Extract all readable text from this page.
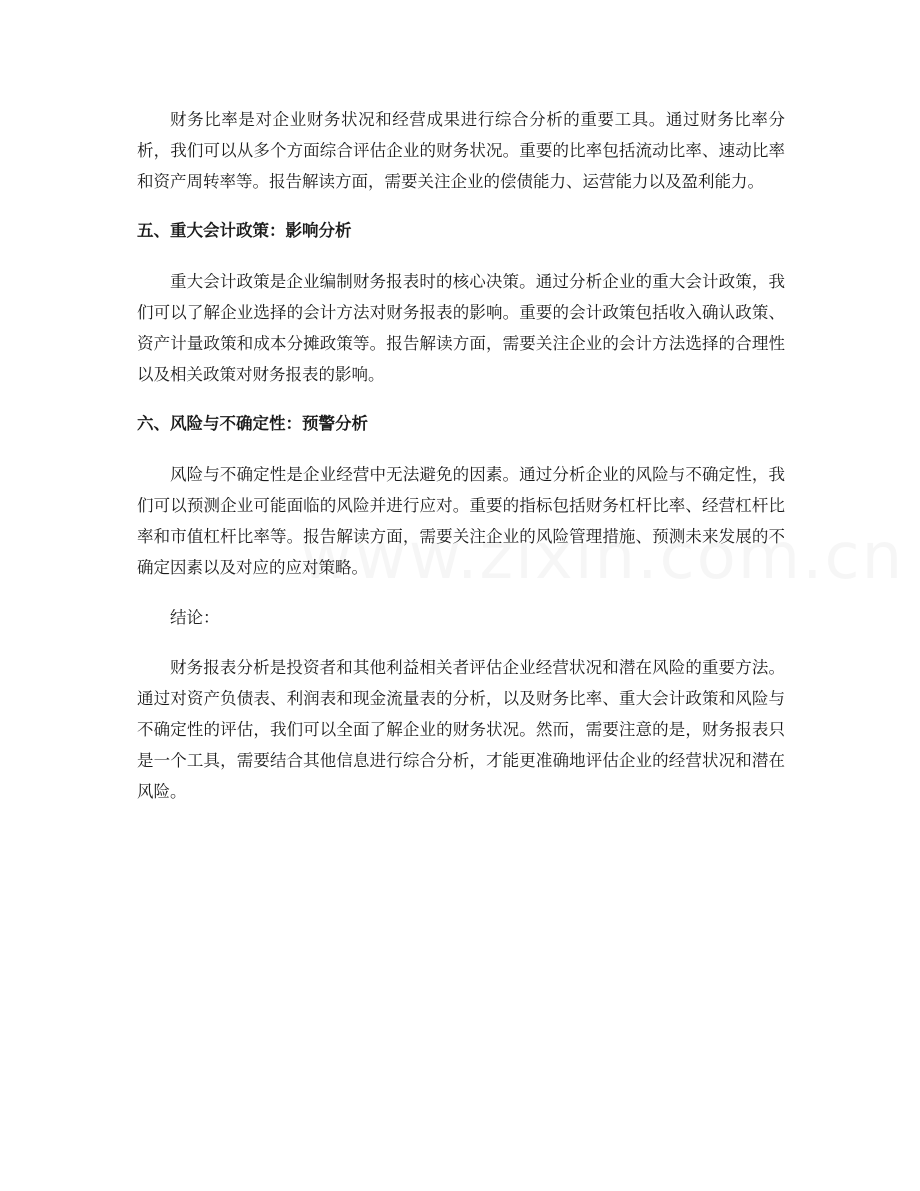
财务比率是对企业财务状况和经营成果进行综合分析的重要工具。通过财务比率分析，我们可以从多个方面综合评估企业的财务状况。重要的比率包括流动比率、速动比率和资产周转率等。报告解读方面，需要关注企业的偿债能力、运营能力以及盈利能力。

五、重大会计政策：影响分析

重大会计政策是企业编制财务报表时的核心决策。通过分析企业的重大会计政策，我们可以了解企业选择的会计方法对财务报表的影响。重要的会计政策包括收入确认政策、资产计量政策和成本分摊政策等。报告解读方面，需要关注企业的会计方法选择的合理性以及相关政策对财务报表的影响。

六、风险与不确定性：预警分析

风险与不确定性是企业经营中无法避免的因素。通过分析企业的风险与不确定性，我们可以预测企业可能面临的风险并进行应对。重要的指标包括财务杠杆比率、经营杠杆比率和市值杠杆比率等。报告解读方面，需要关注企业的风险管理措施、预测未来发展的不确定因素以及对应的应对策略。

结论：

财务报表分析是投资者和其他利益相关者评估企业经营状况和潜在风险的重要方法。通过对资产负债表、利润表和现金流量表的分析，以及财务比率、重大会计政策和风险与不确定性的评估，我们可以全面了解企业的财务状况。然而，需要注意的是，财务报表只是一个工具，需要结合其他信息进行综合分析，才能更准确地评估企业的经营状况和潜在风险。
